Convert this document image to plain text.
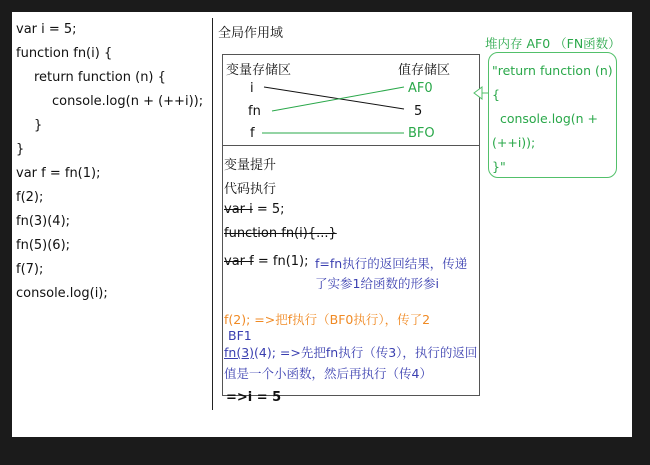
var i = 5;
function fn(i) {
return function (n) {
console.log(n + (++i));
}
}
var f = fn(1);
f(2);
fn(3)(4);
fn(5)(6);
f(7);
console.log(i);
全局作用域
变量存储区	值存储区
i
fn
f
AF0
5
BFO
变量提升
代码执行
var i = 5;
function fn(i){...}
var f = fn(1); f=fn执行的返回结果，传递了实参1给函数的形参i
f(2); =>把f执行（BF0执行），传了2
BF1
fn(3)(4); =>先把fn执行（传3），执行的返回值是一个小函数，然后再执行（传4）
=>i = 5
堆内存 AF0 （FN函数）
"return function (n) {
console.log(n + (++i));
}"
